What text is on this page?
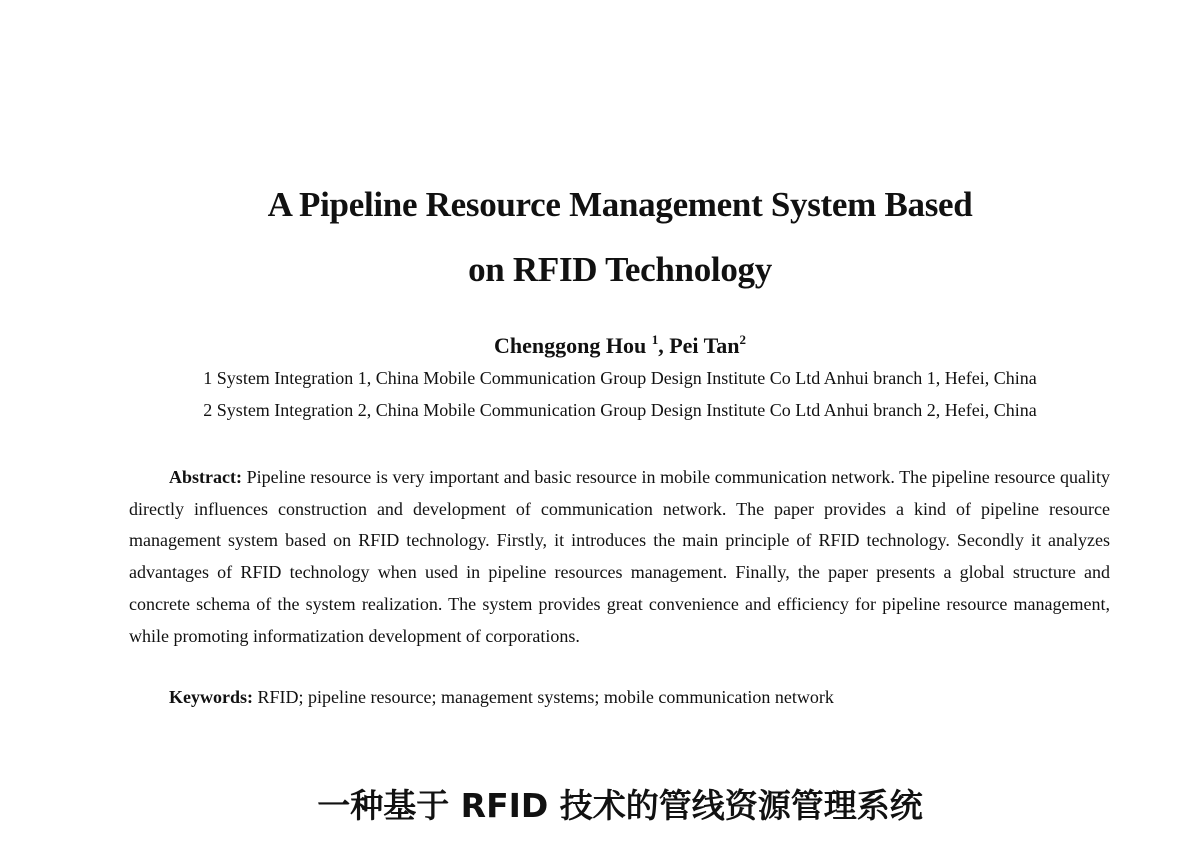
A Pipeline Resource Management System Based
on RFID Technology
Chenggong Hou $^1$, Pei Tan$^2$
1 System Integration 1, China Mobile Communication Group Design Institute Co Ltd Anhui branch 1, Hefei, China
2 System Integration 2, China Mobile Communication Group Design Institute Co Ltd Anhui branch 2, Hefei, China

Abstract: Pipeline resource is very important and basic resource in mobile communication network. The pipeline resource quality directly influences construction and development of communication network. The paper provides a kind of pipeline resource management system based on RFID technology. Firstly, it introduces the main principle of RFID technology. Secondly it analyzes advantages of RFID technology when used in pipeline resources management. Finally, the paper presents a global structure and concrete schema of the system realization. The system provides great convenience and efficiency for pipeline resource management, while promoting informatization development of corporations.

Keywords: RFID; pipeline resource; management systems; mobile communication network
一种基于 RFID 技术的管线资源管理系统
